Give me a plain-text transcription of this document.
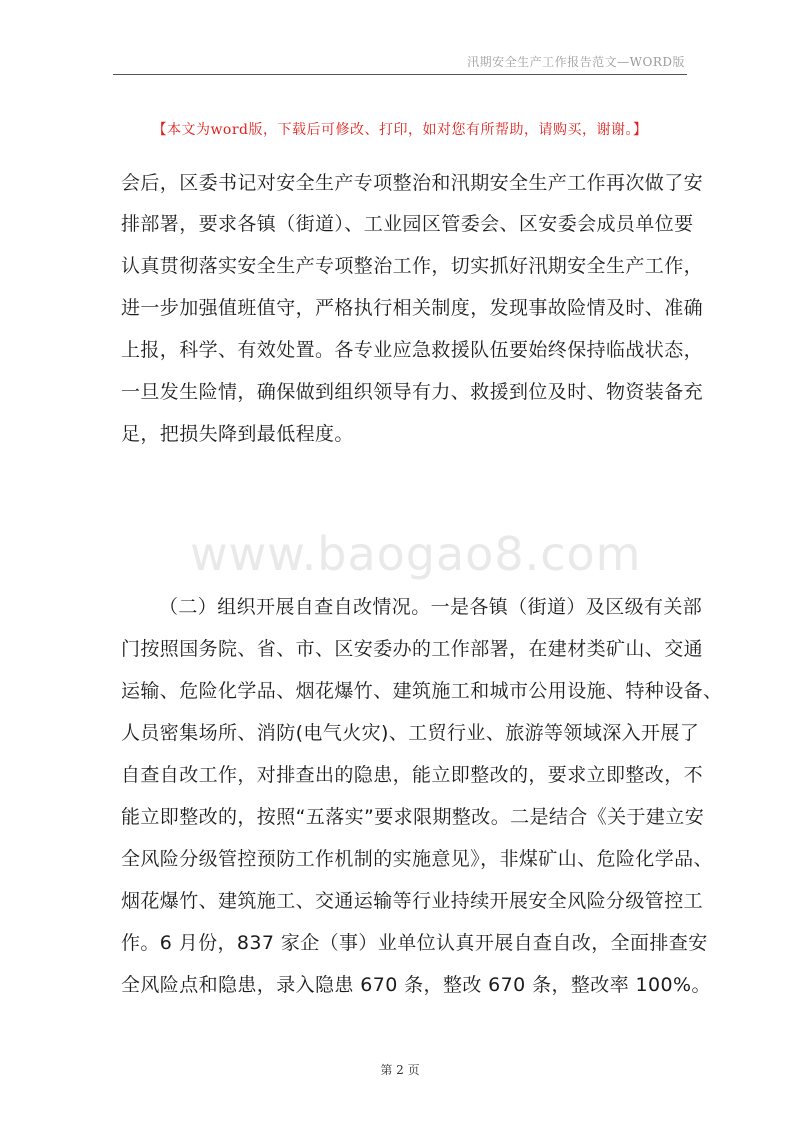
汛期安全生产工作报告范文—WORD版
【本文为word版，下载后可修改、打印，如对您有所帮助，请购买，谢谢。】
会后，区委书记对安全生产专项整治和汛期安全生产工作再次做了安
排部署，要求各镇（街道）、工业园区管委会、区安委会成员单位要
认真贯彻落实安全生产专项整治工作，切实抓好汛期安全生产工作，
进一步加强值班值守，严格执行相关制度，发现事故险情及时、准确
上报，科学、有效处置。各专业应急救援队伍要始终保持临战状态，
一旦发生险情，确保做到组织领导有力、救援到位及时、物资装备充
足，把损失降到最低程度。
www.baogao8.com
（二）组织开展自查自改情况。一是各镇（街道）及区级有关部
门按照国务院、省、市、区安委办的工作部署，在建材类矿山、交通
运输、危险化学品、烟花爆竹、建筑施工和城市公用设施、特种设备、
人员密集场所、消防(电气火灾)、工贸行业、旅游等领域深入开展了
自查自改工作，对排查出的隐患，能立即整改的，要求立即整改，不
能立即整改的，按照“五落实”要求限期整改。二是结合《关于建立安
全风险分级管控预防工作机制的实施意见》，非煤矿山、危险化学品、
烟花爆竹、建筑施工、交通运输等行业持续开展安全风险分级管控工
作。6 月份，837 家企（事）业单位认真开展自查自改，全面排查安
全风险点和隐患，录入隐患 670 条，整改 670 条，整改率 100%。
第 2 页
